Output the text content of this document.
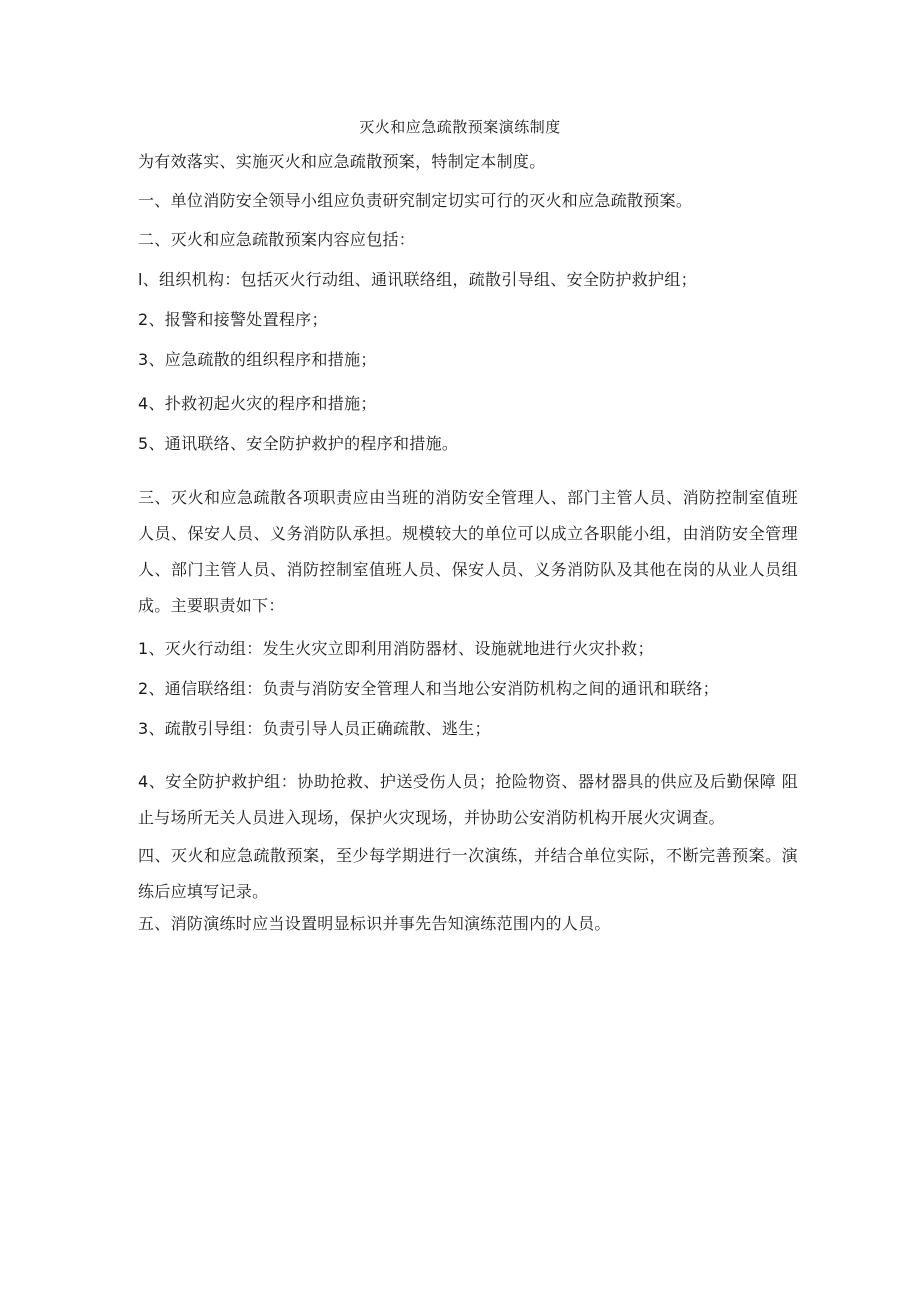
灭火和应急疏散预案演练制度
为有效落实、实施灭火和应急疏散预案，特制定本制度。
一、单位消防安全领导小组应负责研究制定切实可行的灭火和应急疏散预案。
二、灭火和应急疏散预案内容应包括：
l、组织机构：包括灭火行动组、通讯联络组，疏散引导组、安全防护救护组；
2、报警和接警处置程序；
3、应急疏散的组织程序和措施；
4、扑救初起火灾的程序和措施；
5、通讯联络、安全防护救护的程序和措施。
三、灭火和应急疏散各项职责应由当班的消防安全管理人、部门主管人员、消防控制室值班人员、保安人员、义务消防队承担。规模较大的单位可以成立各职能小组，由消防安全管理人、部门主管人员、消防控制室值班人员、保安人员、义务消防队及其他在岗的从业人员组成。主要职责如下：
1、灭火行动组：发生火灾立即利用消防器材、设施就地进行火灾扑救；
2、通信联络组：负责与消防安全管理人和当地公安消防机构之间的通讯和联络；
3、疏散引导组：负责引导人员正确疏散、逃生；
4、安全防护救护组：协助抢救、护送受伤人员；抢险物资、器材器具的供应及后勤保障 阻止与场所无关人员进入现场，保护火灾现场，并协助公安消防机构开展火灾调查。
四、灭火和应急疏散预案，至少每学期进行一次演练，并结合单位实际，不断完善预案。演练后应填写记录。
五、消防演练时应当设置明显标识并事先告知演练范围内的人员。
